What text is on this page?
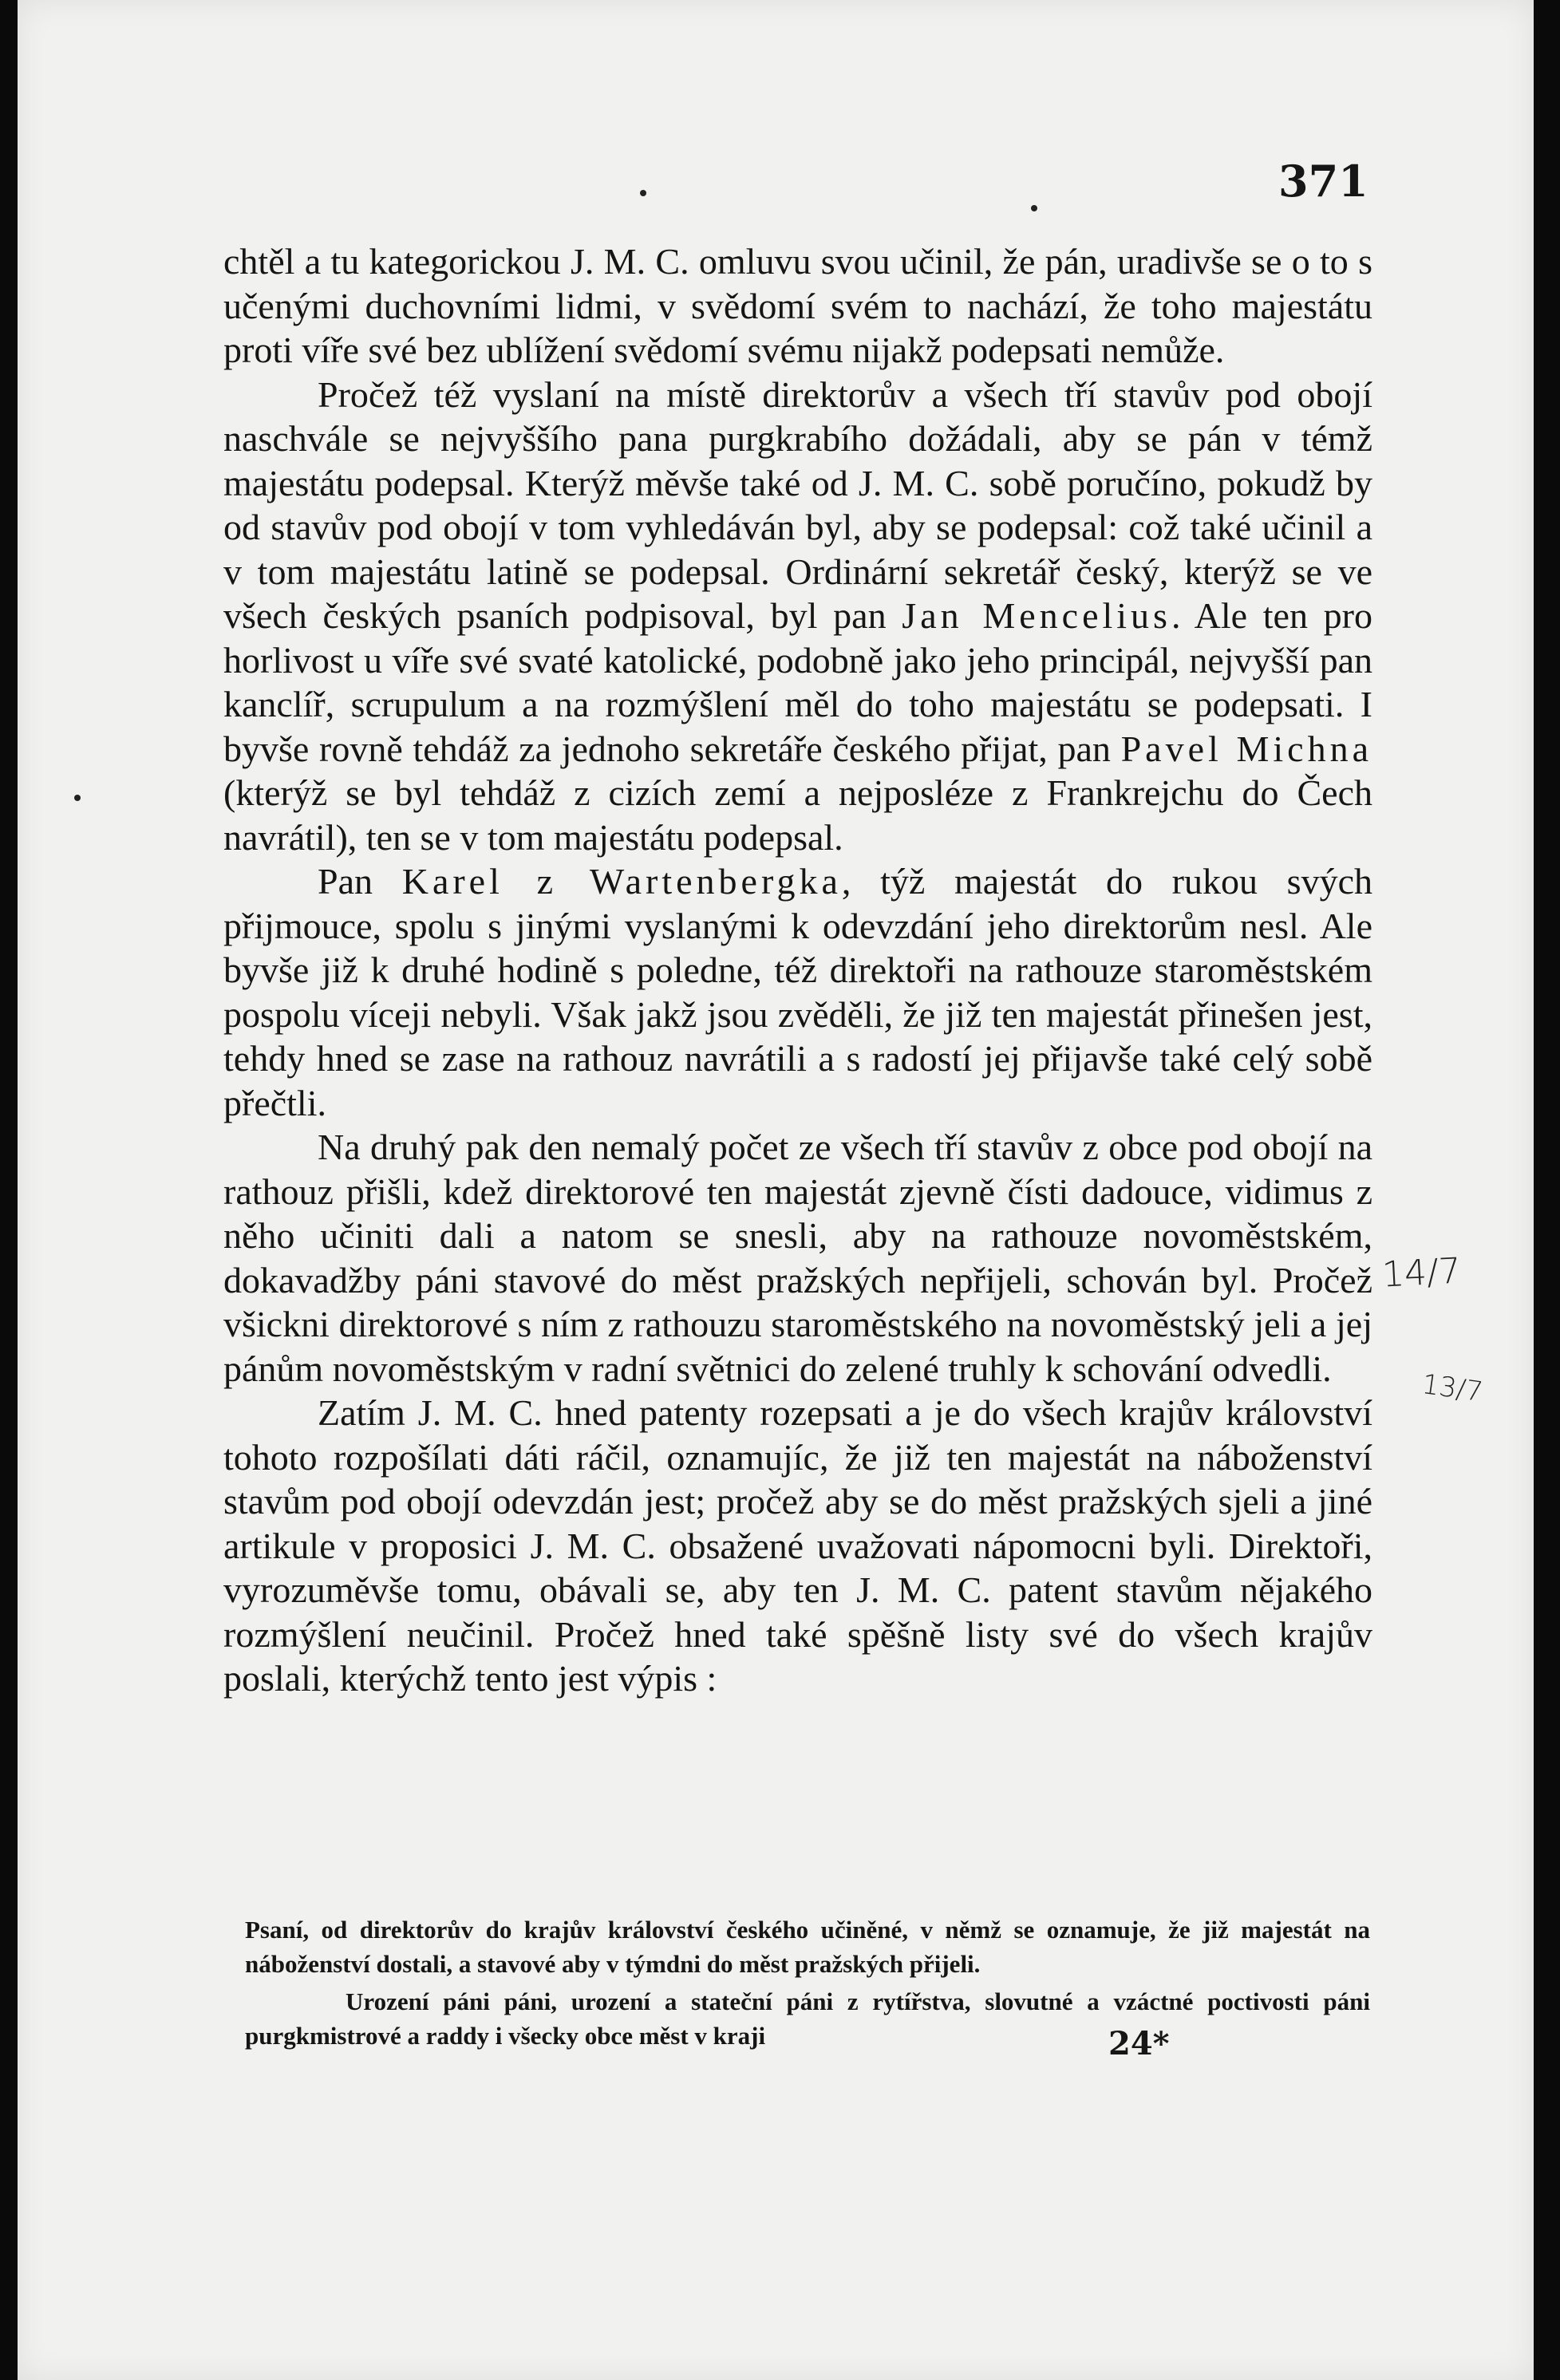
371

chtěl a tu kategorickou J. M. C. omluvu svou učinil, že pán, uradivše se o to s učenými duchovními lidmi, v svědomí svém to nachází, že toho majestátu proti víře své bez ublížení svědomí svému nijakž podepsati nemůže.

Pročež též vyslaní na místě direktorův a všech tří stavův pod obojí naschvále se nejvyššího pana purgkrabího dožádali, aby se pán v témž majestátu podepsal. Kterýž měvše také od J. M. C. sobě poručíno, pokudž by od stavův pod obojí v tom vyhledáván byl, aby se podepsal: což také učinil a v tom majestátu latině se podepsal. Ordinární sekretář český, kterýž se ve všech českých psaních podpisoval, byl pan Jan Mencelius. Ale ten pro horlivost u víře své svaté katolické, podobně jako jeho principál, nejvyšší pan kanclíř, scrupulum a na rozmýšlení měl do toho majestátu se podepsati. I byvše rovně tehdáž za jednoho sekretáře českého přijat, pan Pavel Michna (kterýž se byl tehdáž z cizích zemí a nejposléze z Frankrejchu do Čech navrátil), ten se v tom majestátu podepsal.

Pan Karel z Wartenbergka, týž majestát do rukou svých přijmouce, spolu s jinými vyslanými k odevzdání jeho direktorům nesl. Ale byvše již k druhé hodině s poledne, též direktoři na rathouze staroměstském pospolu víceji nebyli. Však jakž jsou zvěděli, že již ten majestát přinešen jest, tehdy hned se zase na rathouz navrátili a s radostí jej přijavše také celý sobě přečtli.

Na druhý pak den nemalý počet ze všech tří stavův z obce pod obojí na rathouz přišli, kdež direktorové ten majestát zjevně čísti dadouce, vidimus z něho učiniti dali a natom se snesli, aby na rathouze novoměstském, dokavadžby páni stavové do měst pražských nepřijeli, schován byl. Pročež všickni direktorové s ním z rathouzu staroměstského na novoměstský jeli a jej pánům novoměstským v radní světnici do zelené truhly k schování odvedli.

Zatím J. M. C. hned patenty rozepsati a je do všech krajův království tohoto rozpošílati dáti ráčil, oznamujíc, že již ten majestát na náboženství stavům pod obojí odevzdán jest; pročež aby se do měst pražských sjeli a jiné artikule v proposici J. M. C. obsažené uvažovati nápomocni byli. Direktoři, vyrozuměvše tomu, obávali se, aby ten J. M. C. patent stavům nějakého rozmýšlení neučinil. Pročež hned také spěšně listy své do všech krajův poslali, kterýchž tento jest výpis :

Psaní, od direktorův do krajův království českého učiněné, v němž se oznamuje, že již majestát na náboženství dostali, a stavové aby v týmdni do měst pražských přijeli.

Urození páni páni, urození a stateční páni z rytířstva, slovutné a vzáctné poctivosti páni purgkmistrové a raddy i všecky obce měst v kraji	24*
14/7
13/7
